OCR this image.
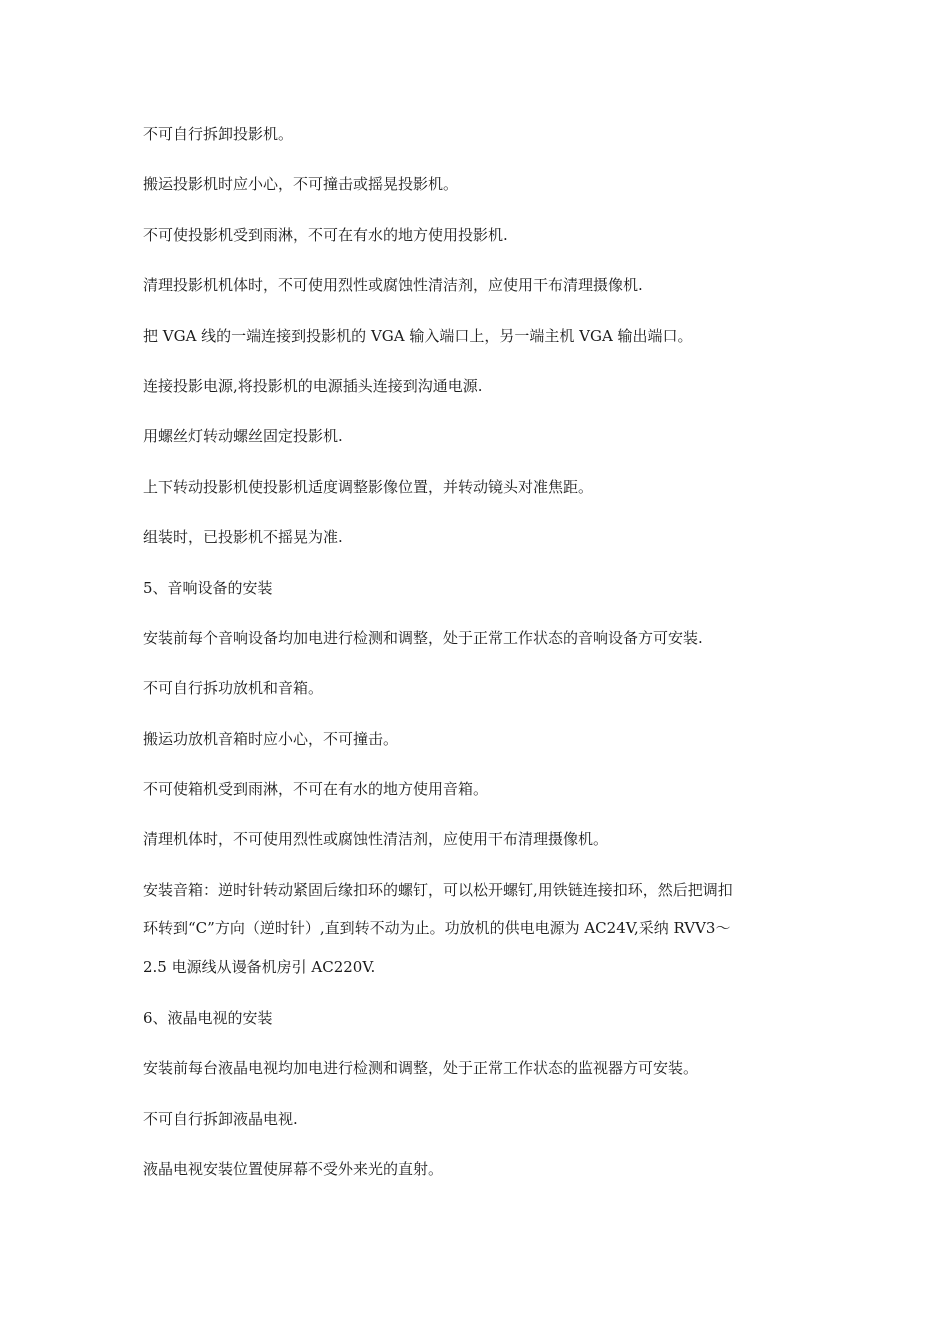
不可自行拆卸投影机。

搬运投影机时应小心，不可撞击或摇晃投影机。

不可使投影机受到雨淋，不可在有水的地方使用投影机.

清理投影机机体时，不可使用烈性或腐蚀性清洁剂，应使用干布清理摄像机.

把 VGA 线的一端连接到投影机的 VGA 输入端口上，另一端主机 VGA 输出端口。

连接投影电源,将投影机的电源插头连接到沟通电源.

用螺丝灯转动螺丝固定投影机.

上下转动投影机使投影机适度调整影像位置，并转动镜头对准焦距。

组装时，已投影机不摇晃为准.

5、音响设备的安装

安装前每个音响设备均加电进行检测和调整，处于正常工作状态的音响设备方可安装.

不可自行拆功放机和音箱。

搬运功放机音箱时应小心，不可撞击。

不可使箱机受到雨淋，不可在有水的地方使用音箱。

清理机体时，不可使用烈性或腐蚀性清洁剂，应使用干布清理摄像机。

安装音箱：逆时针转动紧固后缘扣环的螺钉，可以松开螺钉,用铁链连接扣环，然后把调扣

环转到“C”方向（逆时针）,直到转不动为止。功放机的供电电源为 AC24V,采纳 RVV3～

2.5 电源线从谩备机房引 AC220V.

6、液晶电视的安装

安装前每台液晶电视均加电进行检测和调整，处于正常工作状态的监视器方可安装。

不可自行拆卸液晶电视.

液晶电视安装位置使屏幕不受外来光的直射。
